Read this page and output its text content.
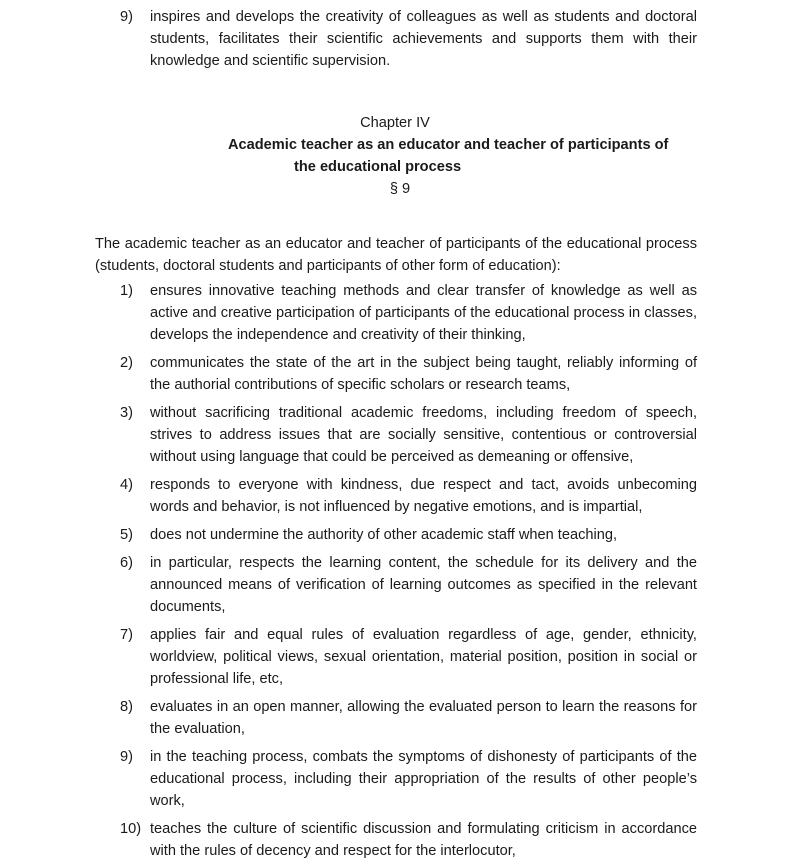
9)	inspires and develops the creativity of colleagues as well as students and doctoral students, facilitates their scientific achievements and supports them with their knowledge and scientific supervision.
Chapter IV
Academic teacher as an educator and teacher of participants of
the educational process
§ 9
The academic teacher as an educator and teacher of participants of the educational process (students, doctoral students and participants of other form of education):
1)	ensures innovative teaching methods and clear transfer of knowledge as well as active and creative participation of participants of the educational process in classes, develops the independence and creativity of their thinking,
2)	communicates the state of the art in the subject being taught, reliably informing of the authorial contributions of specific scholars or research teams,
3)	without sacrificing traditional academic freedoms, including freedom of speech, strives to address issues that are socially sensitive, contentious or controversial without using language that could be perceived as demeaning or offensive,
4)	responds to everyone with kindness, due respect and tact, avoids unbecoming words and behavior, is not influenced by negative emotions, and is impartial,
5)	does not undermine the authority of other academic staff when teaching,
6)	in particular, respects the learning content, the schedule for its delivery and the announced means of verification of learning outcomes as specified in the relevant documents,
7)	applies fair and equal rules of evaluation regardless of age, gender, ethnicity, worldview, political views, sexual orientation, material position, position in social or professional life, etc,
8)	evaluates in an open manner, allowing the evaluated person to learn the reasons for the evaluation,
9)	in the teaching process, combats the symptoms of dishonesty of participants of the educational process, including their appropriation of the results of other people’s work,
10) teaches the culture of scientific discussion and formulating criticism in accordance with the rules of decency and respect for the interlocutor,
